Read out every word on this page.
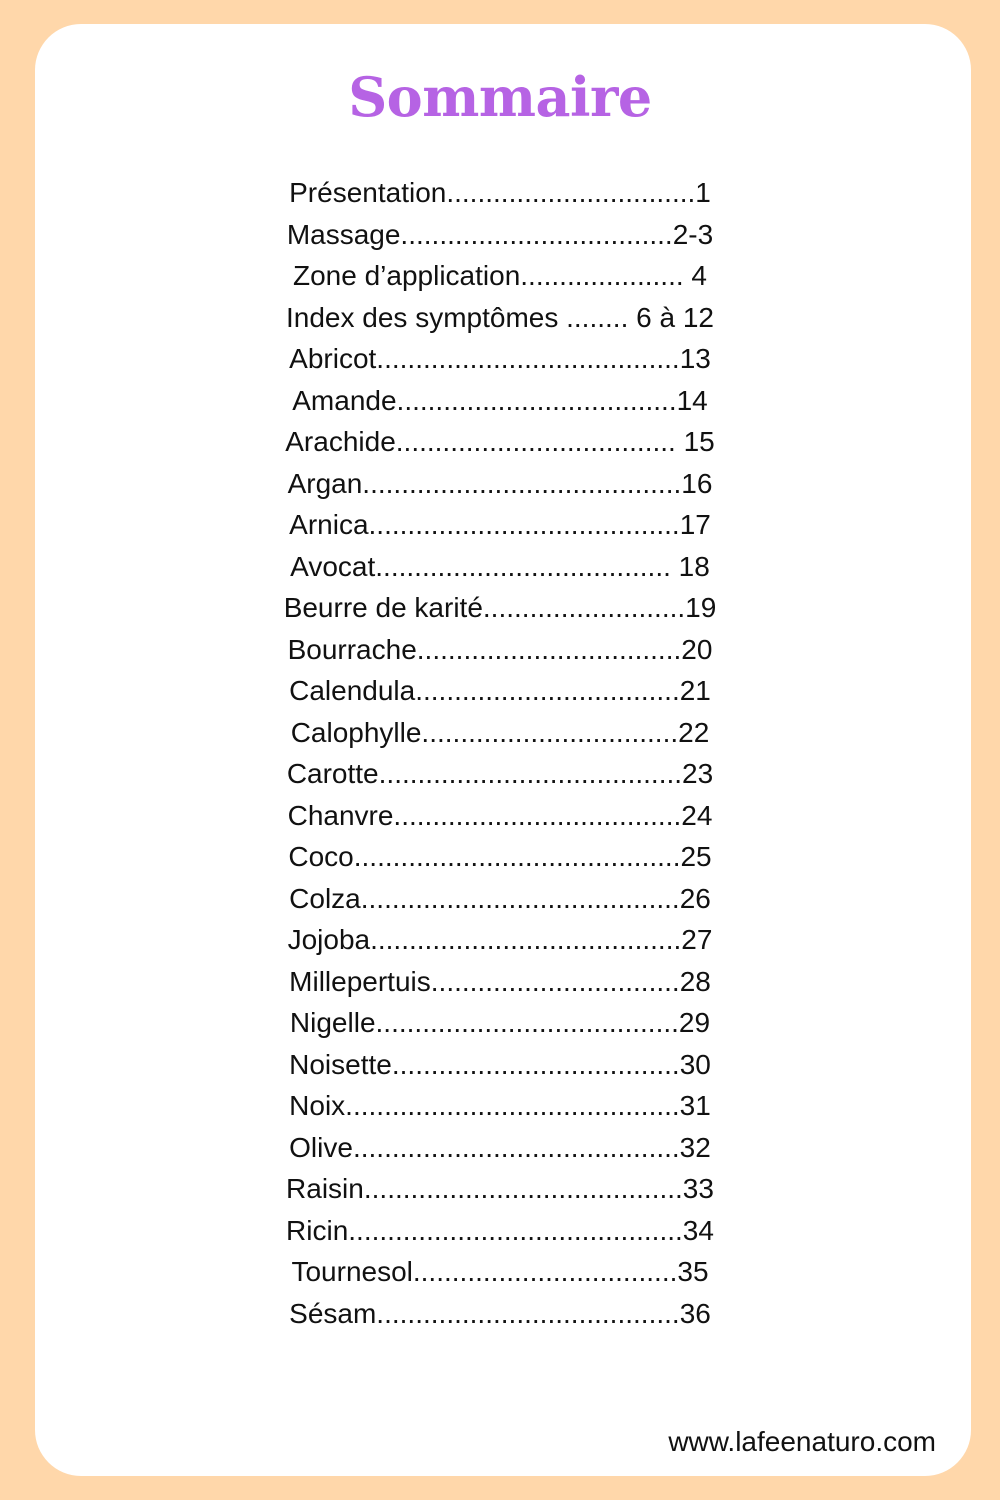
Sommaire
Présentation................................1
Massage...................................2-3
Zone d’application..................... 4
Index des symptômes ........ 6 à 12
Abricot.......................................13
Amande....................................14
Arachide.................................... 15
Argan.........................................16
Arnica........................................17
Avocat...................................... 18
Beurre de karité..........................19
Bourrache..................................20
Calendula..................................21
Calophylle.................................22
Carotte.......................................23
Chanvre.....................................24
Coco..........................................25
Colza.........................................26
Jojoba........................................27
Millepertuis................................28
Nigelle.......................................29
Noisette.....................................30
Noix...........................................31
Olive..........................................32
Raisin.........................................33
Ricin...........................................34
Tournesol..................................35
Sésam.......................................36
www.lafeenaturo.com
